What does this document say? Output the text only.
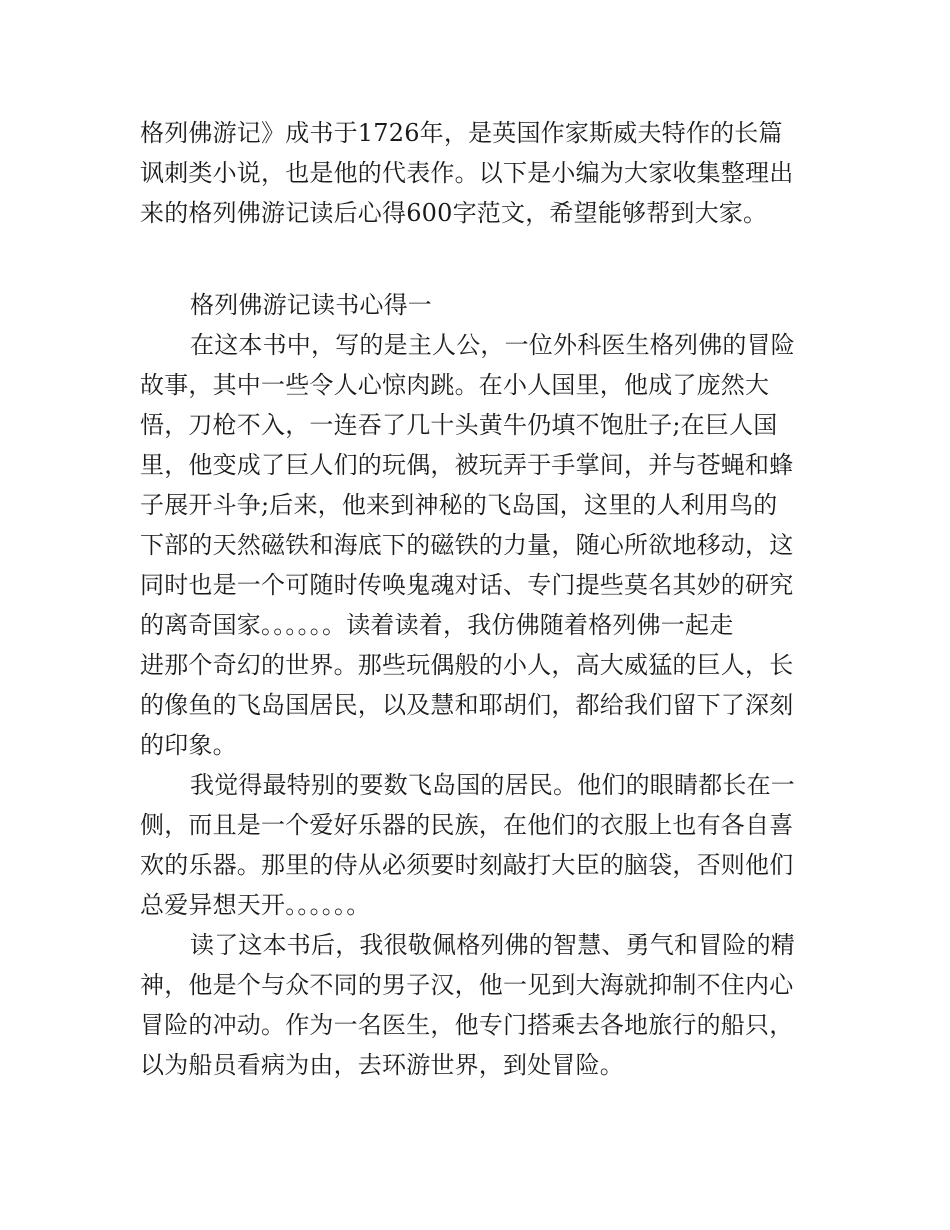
格列佛游记》成书于1726年，是英国作家斯威夫特作的长篇
讽刺类小说，也是他的代表作。以下是小编为大家收集整理出
来的格列佛游记读后心得600字范文，希望能够帮到大家。
格列佛游记读书心得一
在这本书中，写的是主人公，一位外科医生格列佛的冒险
故事，其中一些令人心惊肉跳。在小人国里，他成了庞然大
悟，刀枪不入，一连吞了几十头黄牛仍填不饱肚子;在巨人国
里，他变成了巨人们的玩偶，被玩弄于手掌间，并与苍蝇和蜂
子展开斗争;后来，他来到神秘的飞岛国，这里的人利用鸟的
下部的天然磁铁和海底下的磁铁的力量，随心所欲地移动，这
同时也是一个可随时传唤鬼魂对话、专门提些莫名其妙的研究
的离奇国家。。。。。。读着读着，我仿佛随着格列佛一起走
进那个奇幻的世界。那些玩偶般的小人，高大威猛的巨人，长
的像鱼的飞岛国居民，以及慧和耶胡们，都给我们留下了深刻
的印象。
我觉得最特别的要数飞岛国的居民。他们的眼睛都长在一
侧，而且是一个爱好乐器的民族，在他们的衣服上也有各自喜
欢的乐器。那里的侍从必须要时刻敲打大臣的脑袋，否则他们
总爱异想天开。。。。。。
读了这本书后，我很敬佩格列佛的智慧、勇气和冒险的精
神，他是个与众不同的男子汉，他一见到大海就抑制不住内心
冒险的冲动。作为一名医生，他专门搭乘去各地旅行的船只，
以为船员看病为由，去环游世界，到处冒险。
